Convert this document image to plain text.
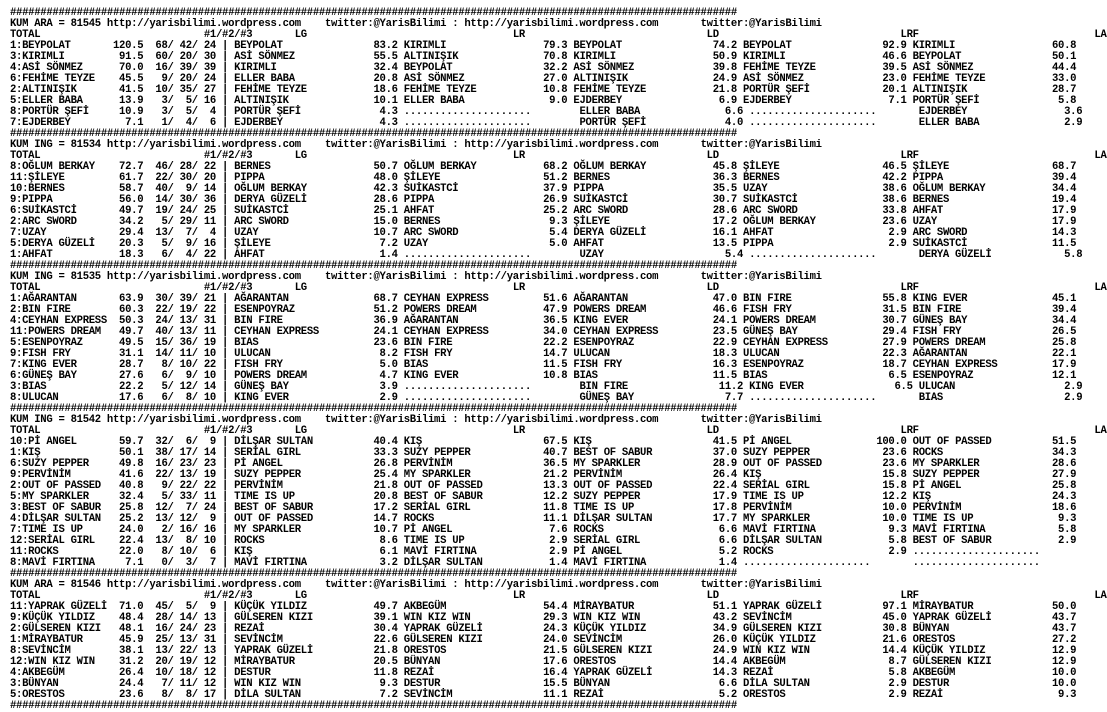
########################################################################################################################
KUM ARA = 81545 http://yarisbilimi.wordpress.com twitter:@YarisBilimi : http://yarisbilimi.wordpress.com	twitter:@YarisBilimi
TOTAL	#1/#2/#3	LG	LR	LD	LRF	LA
1:BEYPOLAT       120.5 68/ 42/ 24 | BEYPOLAT               83.2 KIRIMLI                79.3 BEYPOLAT               74.2 BEYPOLAT               92.9 KIRIMLI                60.8
3:KIRIMLI         91.5 60/ 20/ 30 | ASİ SÖNMEZ             55.5 ALTINIŞIK              70.8 KIRIMLI                50.9 KIRIMLI                46.6 BEYPOLAT               50.1
4:ASİ SÖNMEZ      70.0 16/ 39/ 39 | KIRIMLI                32.4 BEYPOLAT               32.2 ASİ SÖNMEZ             39.8 FEHİME TEYZE           39.5 ASİ SÖNMEZ             44.4
6:FEHİME TEYZE    45.5   9/ 20/ 24 | ELLER BABA             20.8 ASİ SÖNMEZ             27.0 ALTINIŞIK              24.9 ASİ SÖNMEZ             23.0 FEHİME TEYZE           33.0
2:ALTINIŞIK       41.5 10/ 35/ 27 | FEHİME TEYZE           18.6 FEHİME TEYZE           10.8 FEHİME TEYZE           21.8 PORTÜR ŞEFİ            20.1 ALTINIŞIK              28.7
5:ELLER BABA      13.9   3/  5/ 16 | ALTINIŞIK              10.1 ELLER BABA              9.0 EJDERBEY                6.9 EJDERBEY                7.1 PORTÜR ŞEFİ             5.8
8:PORTÜR ŞEFİ     10.9   3/  5/  4 | PORTÜR ŞEFİ             4.3 .....................        ELLER BABA              6.6 .....................       EJDERBEY                3.6
7:EJDERBEY         7.1   1/  4/  6 | EJDERBEY                4.3 .....................        PORTÜR ŞEFİ             4.0 .....................       ELLER BABA              2.9
########################################################################################################################
KUM ING = 81534 http://yarisbilimi.wordpress.com twitter:@YarisBilimi : http://yarisbilimi.wordpress.com	twitter:@YarisBilimi
TOTAL	#1/#2/#3	LG	LR	LD	LRF	LA
8:OĞLUM BERKAY    72.7 46/ 28/ 22 | BERNES                 50.7 OĞLUM BERKAY           68.2 OĞLUM BERKAY           45.8 ŞİLEYE                 46.5 ŞİLEYE                 68.7
11:ŞİLEYE         61.7 22/ 30/ 20 | PIPPA                  48.0 ŞİLEYE                 51.2 BERNES                 36.3 BERNES                 42.2 PIPPA                  39.4
10:BERNES         58.7 40/  9/ 14 | OĞLUM BERKAY           42.3 SUİKASTCİ              37.9 PIPPA                  35.5 UZAY                   38.6 OĞLUM BERKAY           34.4
9:PIPPA           56.0 14/ 30/ 36 | DERYA GÜZELİ           28.6 PIPPA                  26.9 SUİKASTCİ              30.7 SUİKASTCİ              38.6 BERNES                 19.4
6:SUİKASTCİ       49.7 19/ 24/ 25 | SUİKASTCİ              25.1 AHFAT                  25.2 ARC SWORD              28.6 ARC SWORD              33.8 AHFAT                  17.9
2:ARC SWORD       34.2   5/ 29/ 11 | ARC SWORD              15.0 BERNES                  9.3 ŞİLEYE                 17.2 OĞLUM BERKAY           23.6 UZAY                   17.9
7:UZAY            29.4 13/  7/  4 | UZAY                   10.7 ARC SWORD               5.4 DERYA GÜZELİ           16.1 AHFAT                   2.9 ARC SWORD              14.3
5:DERYA GÜZELİ    20.3   5/  9/ 16 | ŞİLEYE                  7.2 UZAY                    5.0 AHFAT                  13.5 PIPPA                   2.9 SUİKASTCİ              11.5
1:AHFAT           18.3   6/  4/ 22 | AHFAT                   1.4 .....................        UZAY                    5.4 .....................       DERYA GÜZELİ            5.8
########################################################################################################################
KUM ING = 81535 http://yarisbilimi.wordpress.com twitter:@YarisBilimi : http://yarisbilimi.wordpress.com	twitter:@YarisBilimi
TOTAL	#1/#2/#3	LG	LR	LD	LRF	LA
1:AĞARANTAN       63.9 30/ 39/ 21 | AĞARANTAN              68.7 CEYHAN EXPRESS         51.6 AĞARANTAN              47.0 BIN FIRE               55.8 KING EVER              45.1
2:BIN FIRE        60.3 22/ 19/ 22 | ESENPOYRAZ             51.2 POWERS DREAM           47.9 POWERS DREAM           46.6 FISH FRY               31.5 BIN FIRE               39.4
4:CEYHAN EXPRESS  50.3 24/ 13/ 31 | BIN FIRE               36.9 AĞARANTAN              36.5 KING EVER              24.1 POWERS DREAM           30.7 GÜNEŞ BAY              34.4
11:POWERS DREAM   49.7 40/ 13/ 11 | CEYHAN EXPRESS         24.1 CEYHAN EXPRESS         34.0 CEYHAN EXPRESS         23.5 GÜNEŞ BAY              29.4 FISH FRY               26.5
5:ESENPOYRAZ      49.5 15/ 36/ 19 | BIAS                   23.6 BIN FIRE               22.2 ESENPOYRAZ             22.9 CEYHAN EXPRESS         27.9 POWERS DREAM           25.8
9:FISH FRY        31.1 14/ 11/ 10 | ULUCAN                  8.2 FISH FRY               14.7 ULUCAN                 18.3 ULUCAN                 22.3 AĞARANTAN              22.1
7:KING EVER       28.7   8/ 10/ 22 | FISH FRY                5.0 BIAS                   11.5 FISH FRY               16.3 ESENPOYRAZ             18.7 CEYHAN EXPRESS         17.9
6:GÜNEŞ BAY       27.6   6/  9/ 10 | POWERS DREAM            4.7 KING EVER              10.8 BIAS                   11.5 BIAS                    6.5 ESENPOYRAZ             12.1
3:BIAS            22.2   5/ 12/ 14 | GÜNEŞ BAY               3.9 .....................        BIN FIRE               11.2 KING EVER               6.5 ULUCAN                  2.9
8:ULUCAN          17.6   6/  8/ 10 | KING EVER               2.9 .....................        GÜNEŞ BAY               7.7 .....................       BIAS                    2.9
########################################################################################################################
KUM ING = 81542 http://yarisbilimi.wordpress.com twitter:@YarisBilimi : http://yarisbilimi.wordpress.com	twitter:@YarisBilimi
TOTAL	#1/#2/#3	LG	LR	LD	LRF	LA
10:Pİ ANGEL       59.7 32/  6/  9 | DİLŞAR SULTAN          40.4 KIŞ                    67.5 KIŞ                    41.5 Pİ ANGEL              100.0 OUT OF PASSED          51.5
1:KIŞ             50.1 38/ 17/ 14 | SERİAL GIRL            33.3 SUZY PEPPER            40.7 BEST OF SABUR          37.0 SUZY PEPPER            23.6 ROCKS                  34.3
6:SUZY PEPPER     49.8 16/ 23/ 23 | Pİ ANGEL               26.8 PERVİNİM               36.5 MY SPARKLER            28.9 OUT OF PASSED          23.6 MY SPARKLER            28.6
9:PERVİNİM        41.6 22/ 13/ 19 | SUZY PEPPER            25.4 MY SPARKLER            21.2 PERVİNİM               26.4 KIŞ                    15.8 SUZY PEPPER            27.9
2:OUT OF PASSED   40.8   9/ 22/ 22 | PERVİNİM               21.8 OUT OF PASSED          13.3 OUT OF PASSED          22.4 SERİAL GIRL            15.8 Pİ ANGEL               25.8
5:MY SPARKLER     32.4   5/ 33/ 11 | TIME IS UP             20.8 BEST OF SABUR          12.2 SUZY PEPPER            17.9 TIME IS UP             12.2 KIŞ                    24.3
3:BEST OF SABUR   25.8 12/  7/ 24 | BEST OF SABUR          17.2 SERİAL GIRL            11.8 TIME IS UP             17.8 PERVİNİM               10.0 PERVİNİM               18.6
4:DİLŞAR SULTAN   25.2 13/ 12/  9 | OUT OF PASSED          14.7 ROCKS                  11.1 DİLŞAR SULTAN          17.7 MY SPARKLER            10.0 TIME IS UP              9.3
7:TIME IS UP      24.0   2/ 16/ 16 | MY SPARKLER            10.7 Pİ ANGEL                7.6 ROCKS                   6.6 MAVİ FIRTINA            9.3 MAVİ FIRTINA            5.8
12:SERİAL GIRL    22.4 13/  8/ 10 | ROCKS                   8.6 TIME IS UP              2.9 SERİAL GIRL             6.6 DİLŞAR SULTAN           5.8 BEST OF SABUR           2.9
11:ROCKS          22.0   8/ 10/  6 | KIŞ                     6.1 MAVİ FIRTINA            2.9 Pİ ANGEL                5.2 ROCKS                   2.9 .....................
8:MAVİ FIRTINA     7.1   0/  3/  7 | MAVİ FIRTINA            3.2 DİLŞAR SULTAN           1.4 MAVİ FIRTINA            1.4 .....................       .....................
########################################################################################################################
KUM ARA = 81546 http://yarisbilimi.wordpress.com twitter:@YarisBilimi : http://yarisbilimi.wordpress.com	twitter:@YarisBilimi
TOTAL	#1/#2/#3	LG	LR	LD	LRF	LA
11:YAPRAK GÜZELİ  71.0 45/  5/  9 | KÜÇÜK YILDIZ           49.7 AKBEGÜM                54.4 MİRAYBATUR             51.1 YAPRAK GÜZELİ          97.1 MİRAYBATUR             50.0
9:KÜÇÜK YILDIZ    48.4 28/ 14/ 13 | GÜLSEREN KIZI          39.1 WIN KIZ WIN            29.3 WIN KIZ WIN            43.2 SEVİNCİM               45.0 YAPRAK GÜZELİ          43.7
2:GÜLSEREN KIZI   48.1 16/ 24/ 23 | REZAİ                  30.4 YAPRAK GÜZELİ          24.3 KÜÇÜK YILDIZ           34.9 GÜLSEREN KIZI          30.8 BÜNYAN                 43.7
1:MİRAYBATUR      45.9 25/ 13/ 31 | SEVİNCİM               22.6 GÜLSEREN KIZI          24.0 SEVİNCİM               26.0 KÜÇÜK YILDIZ           21.6 ORESTOS                27.2
8:SEVİNCİM        38.1 13/ 22/ 13 | YAPRAK GÜZELİ          21.8 ORESTOS                21.5 GÜLSEREN KIZI          24.9 WIN KIZ WIN            14.4 KÜÇÜK YILDIZ           12.9
12:WIN KIZ WIN    31.2 20/ 19/ 12 | MİRAYBATUR             20.5 BÜNYAN                 17.6 ORESTOS                14.4 AKBEGÜM                 8.7 GÜLSEREN KIZI          12.9
4:AKBEGÜM         26.4 10/ 18/ 12 | DESTUR                 11.8 REZAİ                  16.4 YAPRAK GÜZELİ          14.3 REZAİ                   5.8 AKBEGÜM                10.0
3:BÜNYAN          24.4   7/ 11/ 12 | WIN KIZ WIN             9.3 DESTUR                 15.5 BÜNYAN                  6.6 DİLA SULTAN             2.9 DESTUR                 10.0
5:ORESTOS         23.6   8/  8/ 17 | DİLA SULTAN             7.2 SEVİNCİM               11.1 REZAİ                   5.2 ORESTOS                 2.9 REZAİ                   9.3
########################################################################################################################
